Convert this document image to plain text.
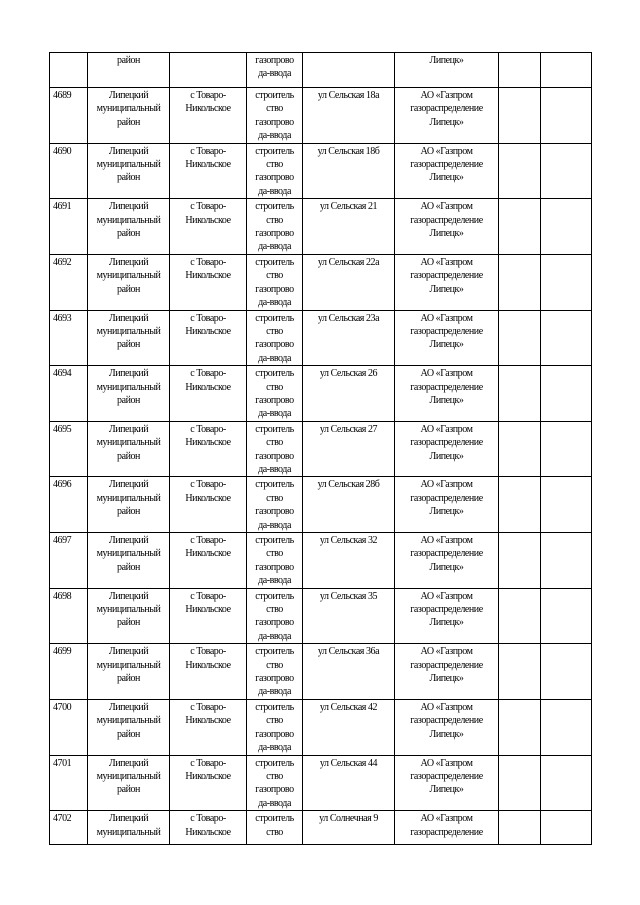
	район		газопрово
да-ввода		Липецк»		
4689	Липецкий
муниципальный
район	с Товаро-
Никольское	строитель
ство
газопрово
да-ввода	ул Сельская 18а	АО «Газпром
газораспределение
Липецк»		
4690	Липецкий
муниципальный
район	с Товаро-
Никольское	строитель
ство
газопрово
да-ввода	ул Сельская 18б	АО «Газпром
газораспределение
Липецк»		
4691	Липецкий
муниципальный
район	с Товаро-
Никольское	строитель
ство
газопрово
да-ввода	ул Сельская 21	АО «Газпром
газораспределение
Липецк»		
4692	Липецкий
муниципальный
район	с Товаро-
Никольское	строитель
ство
газопрово
да-ввода	ул Сельская 22а	АО «Газпром
газораспределение
Липецк»		
4693	Липецкий
муниципальный
район	с Товаро-
Никольское	строитель
ство
газопрово
да-ввода	ул Сельская 23а	АО «Газпром
газораспределение
Липецк»		
4694	Липецкий
муниципальный
район	с Товаро-
Никольское	строитель
ство
газопрово
да-ввода	ул Сельская 26	АО «Газпром
газораспределение
Липецк»		
4695	Липецкий
муниципальный
район	с Товаро-
Никольское	строитель
ство
газопрово
да-ввода	ул Сельская 27	АО «Газпром
газораспределение
Липецк»		
4696	Липецкий
муниципальный
район	с Товаро-
Никольское	строитель
ство
газопрово
да-ввода	ул Сельская 28б	АО «Газпром
газораспределение
Липецк»		
4697	Липецкий
муниципальный
район	с Товаро-
Никольское	строитель
ство
газопрово
да-ввода	ул Сельская 32	АО «Газпром
газораспределение
Липецк»		
4698	Липецкий
муниципальный
район	с Товаро-
Никольское	строитель
ство
газопрово
да-ввода	ул Сельская 35	АО «Газпром
газораспределение
Липецк»		
4699	Липецкий
муниципальный
район	с Товаро-
Никольское	строитель
ство
газопрово
да-ввода	ул Сельская 36а	АО «Газпром
газораспределение
Липецк»		
4700	Липецкий
муниципальный
район	с Товаро-
Никольское	строитель
ство
газопрово
да-ввода	ул Сельская 42	АО «Газпром
газораспределение
Липецк»		
4701	Липецкий
муниципальный
район	с Товаро-
Никольское	строитель
ство
газопрово
да-ввода	ул Сельская 44	АО «Газпром
газораспределение
Липецк»		
4702	Липецкий
муниципальный	с Товаро-
Никольское	строитель
ство	ул Солнечная 9	АО «Газпром
газораспределение		
